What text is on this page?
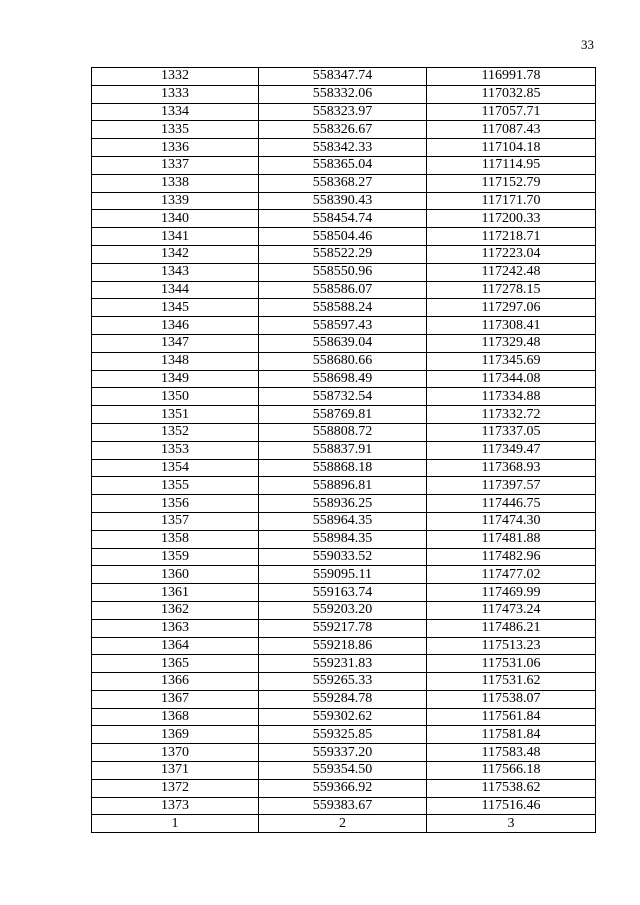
33
1332	558347.74	116991.78
1333	558332.06	117032.85
1334	558323.97	117057.71
1335	558326.67	117087.43
1336	558342.33	117104.18
1337	558365.04	117114.95
1338	558368.27	117152.79
1339	558390.43	117171.70
1340	558454.74	117200.33
1341	558504.46	117218.71
1342	558522.29	117223.04
1343	558550.96	117242.48
1344	558586.07	117278.15
1345	558588.24	117297.06
1346	558597.43	117308.41
1347	558639.04	117329.48
1348	558680.66	117345.69
1349	558698.49	117344.08
1350	558732.54	117334.88
1351	558769.81	117332.72
1352	558808.72	117337.05
1353	558837.91	117349.47
1354	558868.18	117368.93
1355	558896.81	117397.57
1356	558936.25	117446.75
1357	558964.35	117474.30
1358	558984.35	117481.88
1359	559033.52	117482.96
1360	559095.11	117477.02
1361	559163.74	117469.99
1362	559203.20	117473.24
1363	559217.78	117486.21
1364	559218.86	117513.23
1365	559231.83	117531.06
1366	559265.33	117531.62
1367	559284.78	117538.07
1368	559302.62	117561.84
1369	559325.85	117581.84
1370	559337.20	117583.48
1371	559354.50	117566.18
1372	559366.92	117538.62
1373	559383.67	117516.46
1	2	3
